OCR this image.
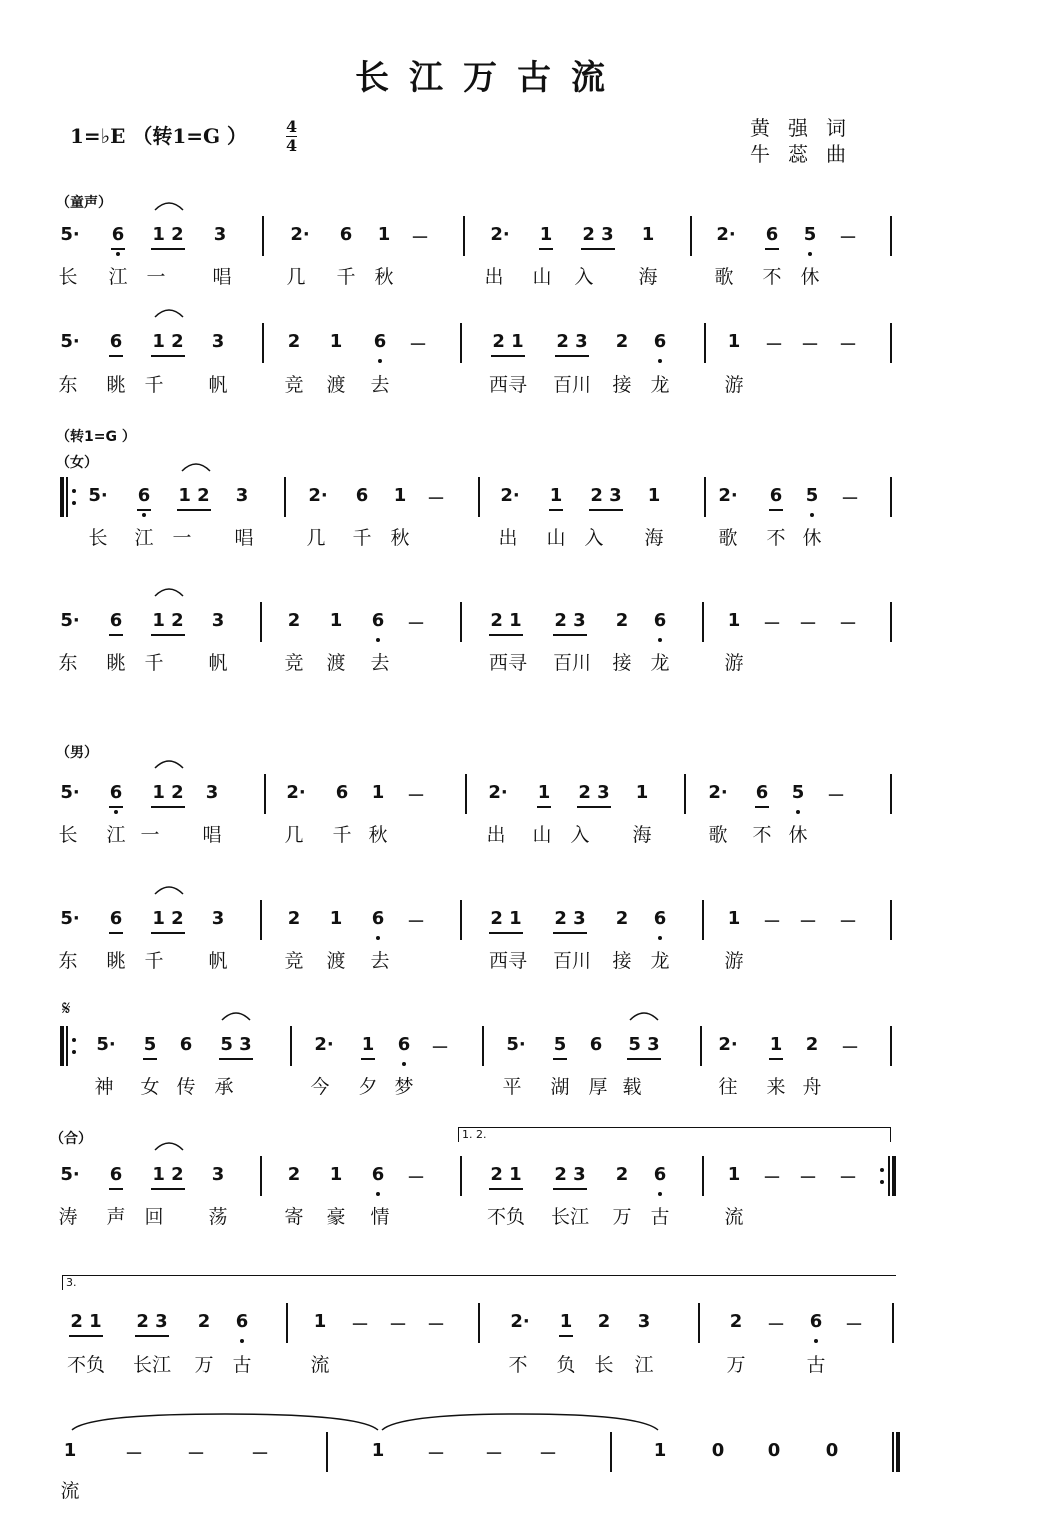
长江万古流
1=♭E （转1=G ） 4
4
黄强词
牛蕊曲
（童声）
（转1=G ）
（女）
（男）
（合）
𝄋
1. 2.
3.
5· 6 1 2 3	2· 6 1 －	2· 1 2 3 1	2· 6 5 －
长 江 一 唱	几 千 秋	出 山 入 海	歌 不 休
5· 6 1 2 3	2 1 6 －	2 1 2 3 2 6	1 － － －
东 眺 千 帆	竞 渡 去	西寻 百川 接 龙	游
5· 6 1 2 3	2· 6 1 －	2· 1 2 3 1	2· 6 5 －
长 江 一 唱	几 千 秋	出 山 入 海	歌 不 休
5· 6 1 2 3	2 1 6 －	2 1 2 3 2 6	1 － － －
东 眺 千 帆	竞 渡 去	西寻 百川 接 龙	游
5· 6 1 2 3	2· 6 1 －	2· 1 2 3 1	2· 6 5 －
长 江 一 唱	几 千 秋	出 山 入 海	歌 不 休
5· 6 1 2 3	2 1 6 －	2 1 2 3 2 6	1 － － －
东 眺 千 帆	竞 渡 去	西寻 百川 接 龙	游
5· 5 6 5 3	2· 1 6 －	5· 5 6 5 3	2· 1 2 －
神 女 传 承	今 夕 梦	平 湖 厚 载	往 来 舟
5· 6 1 2 3	2 1 6 －	2 1 2 3 2 6	1 － － －
涛 声 回 荡	寄 豪 情	不负 长江 万 古	流
2 1 2 3 2 6	1 － － －	2· 1 2 3	2 － 6 －
不负 长江 万 古	流	不 负 长 江	万	古
1	－ －	－	1 － － －	1	0 0	0
流
